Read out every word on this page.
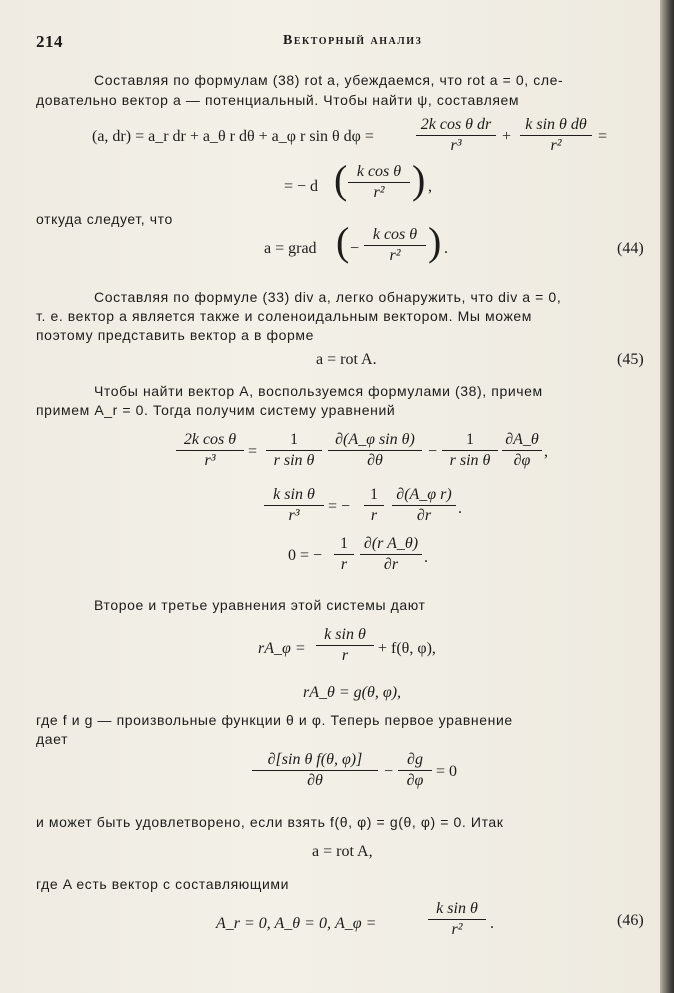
214	Векторный анализ
Составляя по формулам (38) rot a, убеждаемся, что rot a = 0, сле-
довательно вектор a — потенциальный. Чтобы найти ψ, составляем
(a, dr) = a_r dr + a_θ r dθ + a_φ r sin θ dφ =
2k cos θ dr
r³
+
k sin θ dθ
r²
=
= − d ( k cos θ
r² ) ,
откуда следует, что
a = grad ( −
k cos θ
r² ) .	(44)
Составляя по формуле (33) div a, легко обнаружить, что div a = 0,
т. е. вектор a является также и соленоидальным вектором. Мы можем
поэтому представить вектор a в форме
a = rot A.	(45)
Чтобы найти вектор A, воспользуемся формулами (38), причем
примем A_r = 0. Тогда получим систему уравнений
2k cos θ
r³
=
1
r sin θ
∂(A_φ sin θ)
∂θ
−
1
r sin θ
∂A_θ
∂φ
,
k sin θ
r³
= −
1
r
∂(A_φ r)
∂r	.
0 = −
1
r
∂(r A_θ)
∂r	.
Второе и третье уравнения этой системы дают
rA_φ =
k sin θ
r	+ f(θ, φ),
rA_θ = g(θ, φ),
где f и g — произвольные функции θ и φ. Теперь первое уравнение
дает
∂[sin θ f(θ, φ)]
∂θ
−
∂g
∂φ
= 0
и может быть удовлетворено, если взять f(θ, φ) = g(θ, φ) = 0. Итак
a = rot A,
где A есть вектор с составляющими
A_r = 0, A_θ = 0, A_φ =
k sin θ
r²	.	(46)
